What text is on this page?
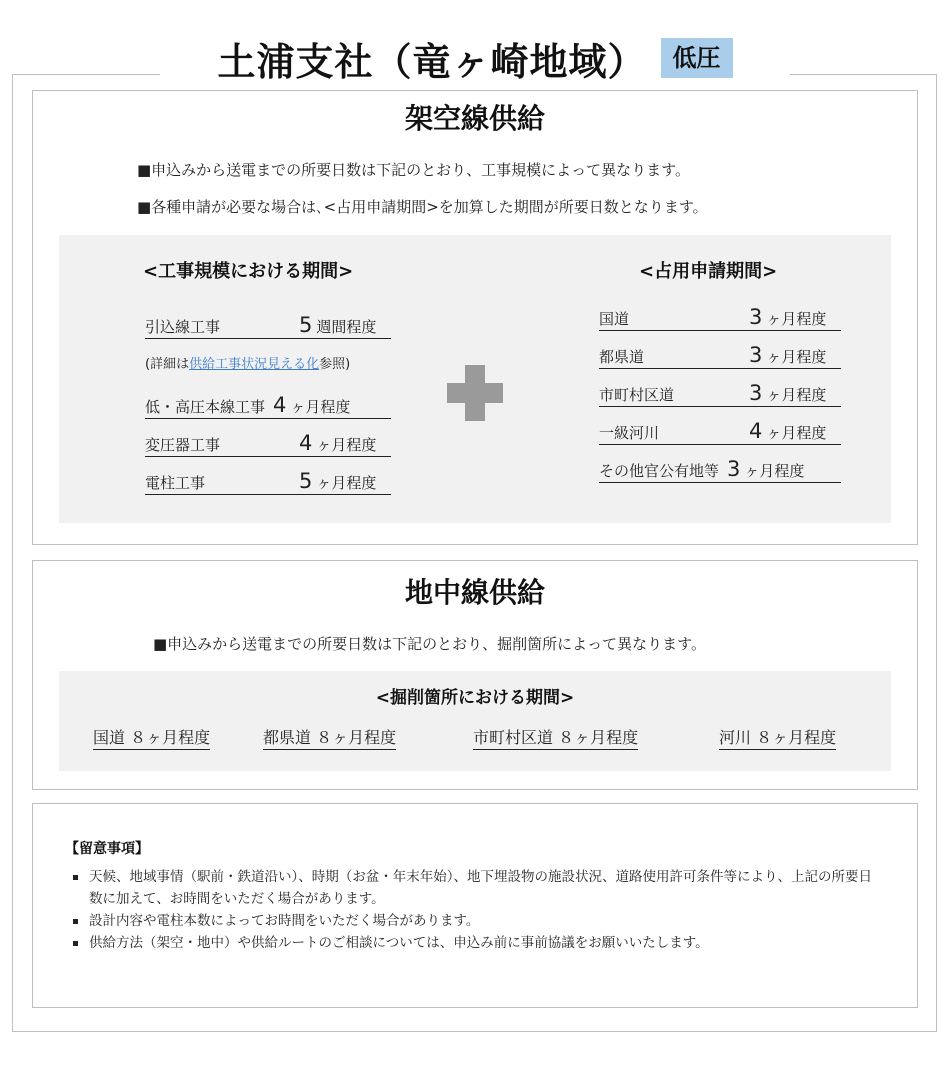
土浦支社（竜ヶ崎地域）	低圧
架空線供給
■申込みから送電までの所要日数は下記のとおり、工事規模によって異なります。
■各種申請が必要な場合は､<占用申請期間>を加算した期間が所要日数となります。
<工事規模における期間>	<占用申請期間>
引込線工事	5 週間程度
(詳細は供給工事状況見える化参照)
低・高圧本線工事 4 ヶ月程度
変圧器工事	4 ヶ月程度
電柱工事	5 ヶ月程度
国道	3 ヶ月程度
都県道	3 ヶ月程度
市町村区道	3 ヶ月程度
一級河川	4 ヶ月程度
その他官公有地等 3 ヶ月程度
地中線供給
■申込みから送電までの所要日数は下記のとおり、掘削箇所によって異なります。
<掘削箇所における期間>
国道 ８ヶ月程度	都県道 ８ヶ月程度	市町村区道 ８ヶ月程度	河川 ８ヶ月程度
【留意事項】
天候、地域事情（駅前・鉄道沿い）、時期（お盆・年末年始）、地下埋設物の施設状況、道路使用許可条件等により、上記の所要日数に加えて、お時間をいただく場合があります。
設計内容や電柱本数によってお時間をいただく場合があります。
供給方法（架空・地中）や供給ルートのご相談については、申込み前に事前協議をお願いいたします。
